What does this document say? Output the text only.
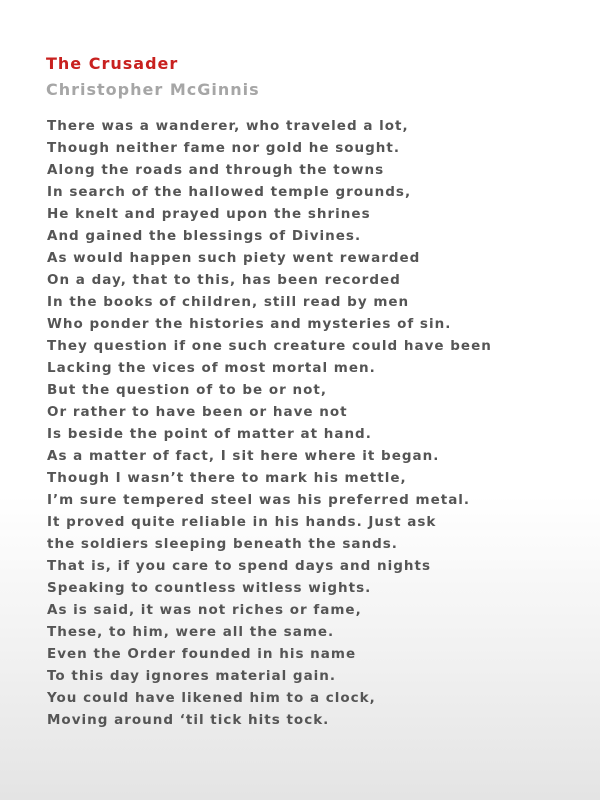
The Crusader
Christopher McGinnis
There was a wanderer, who traveled a lot,
Though neither fame nor gold he sought.
Along the roads and through the towns
In search of the hallowed temple grounds,
He knelt and prayed upon the shrines
And gained the blessings of Divines.
As would happen such piety went rewarded
On a day, that to this, has been recorded
In the books of children, still read by men
Who ponder the histories and mysteries of sin.
They question if one such creature could have been
Lacking the vices of most mortal men.
But the question of to be or not,
Or rather to have been or have not
Is beside the point of matter at hand.
As a matter of fact, I sit here where it began.
Though I wasn’t there to mark his mettle,
I’m sure tempered steel was his preferred metal.
It proved quite reliable in his hands. Just ask
the soldiers sleeping beneath the sands.
That is, if you care to spend days and nights
Speaking to countless witless wights.
As is said, it was not riches or fame,
These, to him, were all the same.
Even the Order founded in his name
To this day ignores material gain.
You could have likened him to a clock,
Moving around ‘til tick hits tock.
